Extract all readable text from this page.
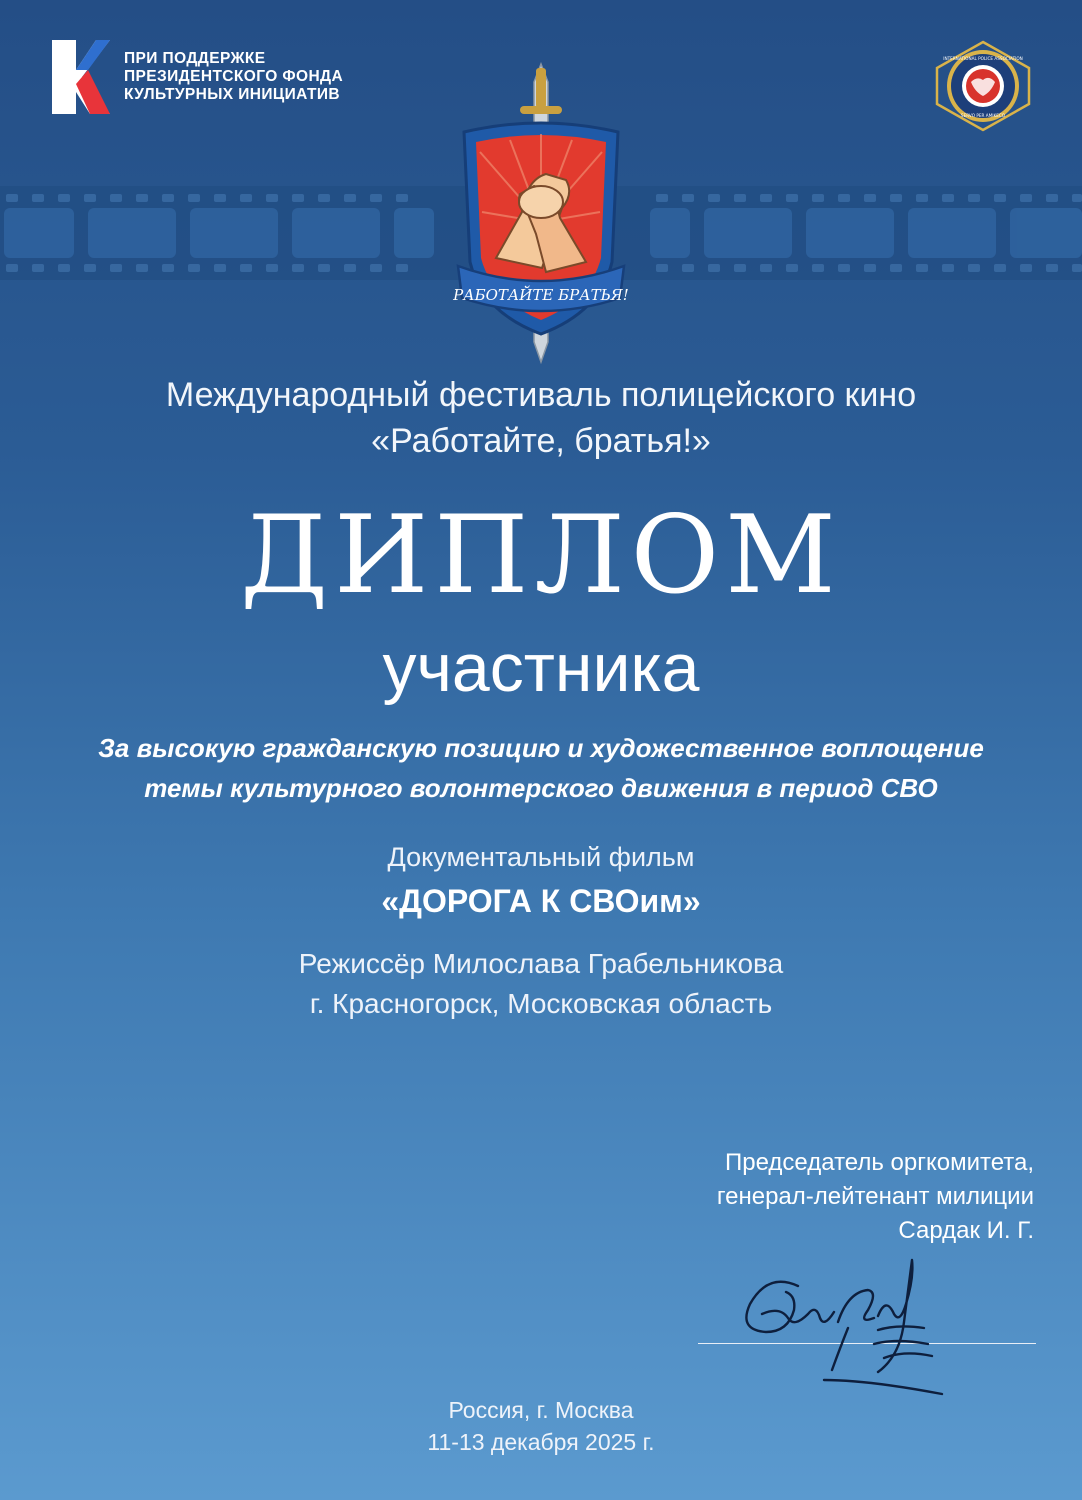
ПРИ ПОДДЕРЖКЕ
ПРЕЗИДЕНТСКОГО ФОНДА
КУЛЬТУРНЫХ ИНИЦИАТИВ
INTERNATIONAL POLICE ASSOCIATION
SERVO PER AMIKECO
РАБОТАЙТЕ БРАТЬЯ!
Международный фестиваль полицейского кино
«Работайте, братья!»
ДИПЛОМ
участника
За высокую гражданскую позицию и художественное воплощение
темы культурного волонтерского движения в период СВО
Документальный фильм
«ДОРОГА К СВОим»
Режиссёр Милослава Грабельникова
г. Красногорск, Московская область
Председатель оргкомитета,
генерал-лейтенант милиции
Сардак И. Г.
Россия, г. Москва
11-13 декабря 2025 г.
